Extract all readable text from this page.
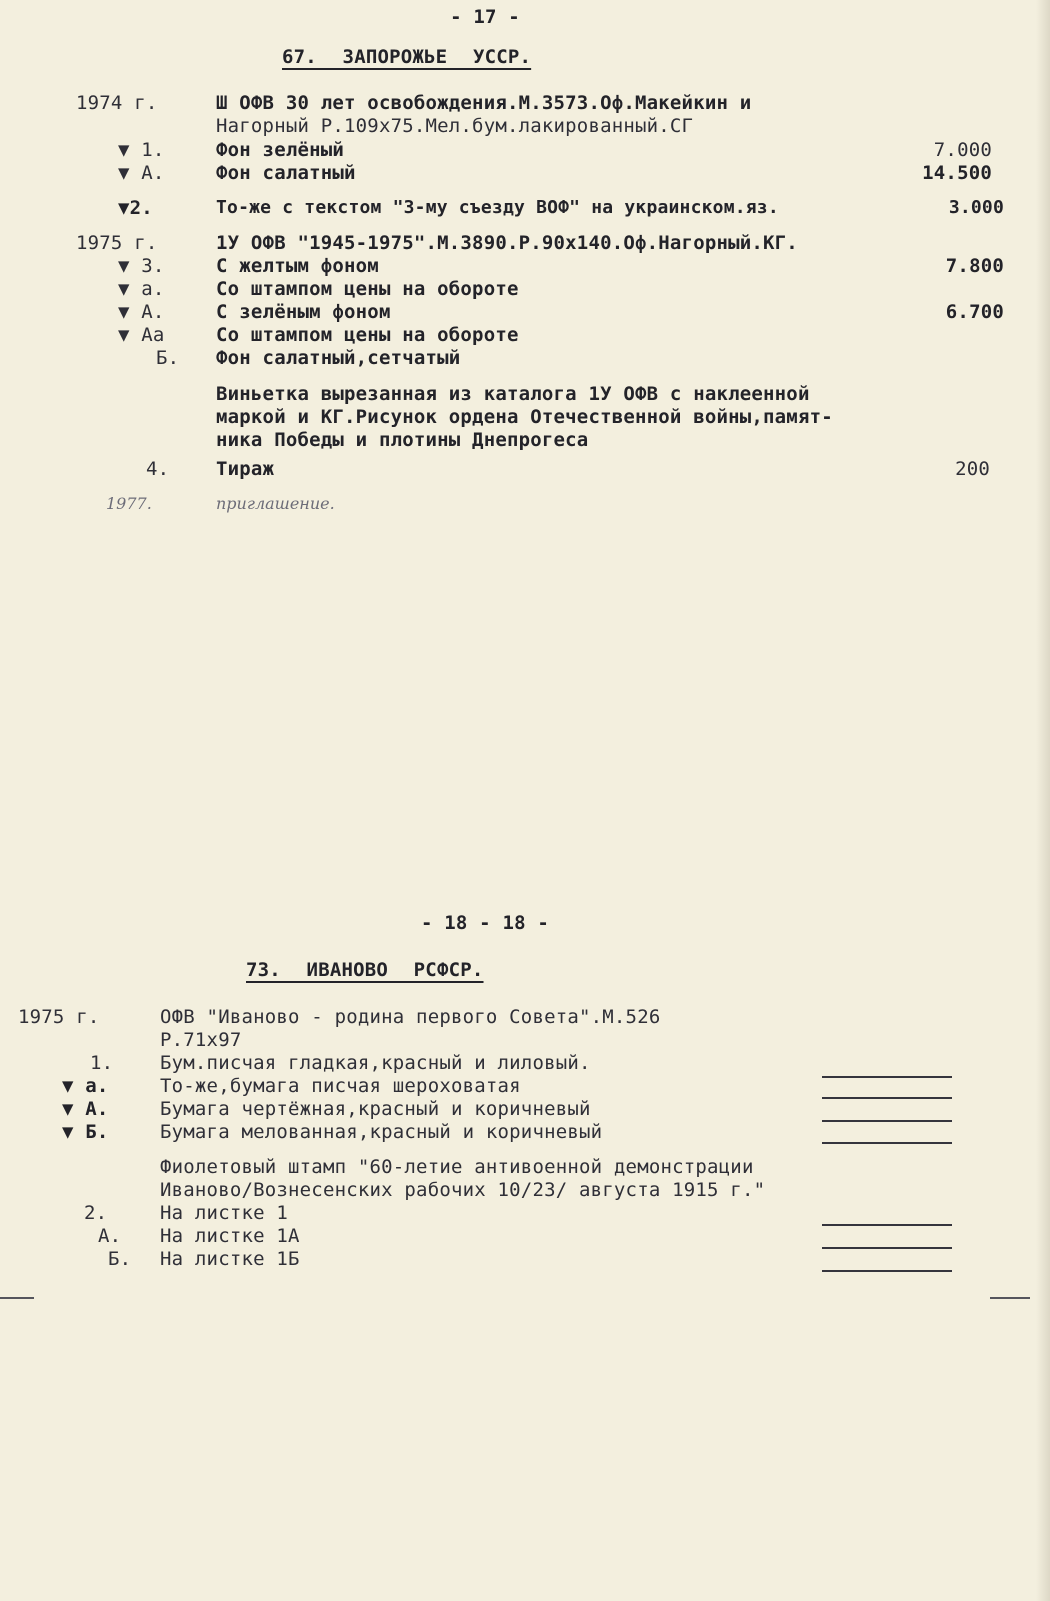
- 17 -
67. ЗАПОРОЖЬЕ УССР.
1974 г.	Ш ОФВ 30 лет освобождения.М.3573.Оф.Макейкин и
Нагорный Р.109х75.Мел.бум.лакированный.СГ
▼ 1.	Фон зелёный	7.000
▼ А.	Фон салатный	14.500
▼2.	То-же с текстом "3-му съезду ВОФ" на украинском.яз.	3.000
1975 г.	1У ОФВ "1945-1975".М.3890.Р.90х140.Оф.Нагорный.КГ.
▼ 3.	С желтым фоном	7.800
▼ а.	Со штампом цены на обороте
▼ А.	С зелёным фоном	6.700
▼ Аа	Со штампом цены на обороте
Б. Фон салатный,сетчатый
Виньетка вырезанная из каталога 1У ОФВ с наклеенной
маркой и КГ.Рисунок ордена Отечественной войны,памят-
ника Победы и плотины Днепрогеса
4. Тираж	200
1977.	приглашение.
- 18 - 18 -
73. ИВАНОВО РСФСР.
1975 г.	ОФВ "Иваново - родина первого Совета".М.526
Р.71х97
1. Бум.писчая гладкая,красный и лиловый.
▼ а.	То-же,бумага писчая шероховатая
▼ А.	Бумага чертёжная,красный и коричневый
▼ Б.	Бумага мелованная,красный и коричневый
Фиолетовый штамп "60-летие антивоенной демонстрации
Иваново/Вознесенских рабочих 10/23/ августа 1915 г."
2.	На листке 1
А. На листке 1А
Б. На листке 1Б
